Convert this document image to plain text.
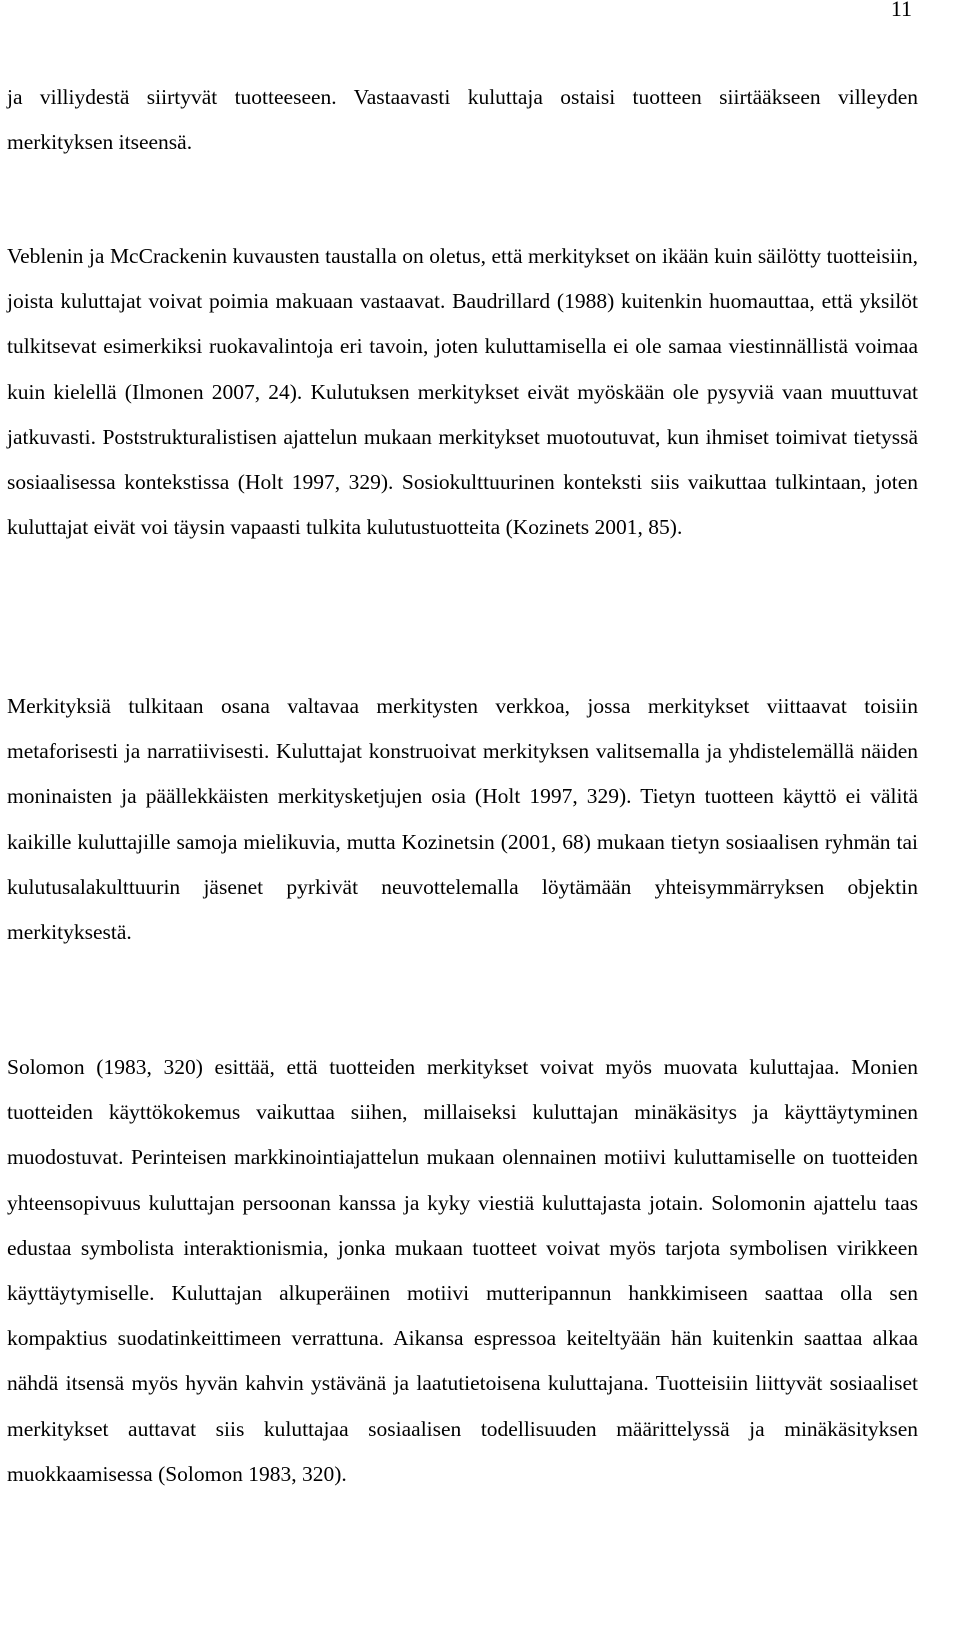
11

ja villiydestä siirtyvät tuotteeseen. Vastaavasti kuluttaja ostaisi tuotteen siirtääkseen villeyden merkityksen itseensä.

Veblenin ja McCrackenin kuvausten taustalla on oletus, että merkitykset on ikään kuin säilötty tuotteisiin, joista kuluttajat voivat poimia makuaan vastaavat. Baudrillard (1988) kuitenkin huomauttaa, että yksilöt tulkitsevat esimerkiksi ruokavalintoja eri tavoin, joten kuluttamisella ei ole samaa viestinnällistä voimaa kuin kielellä (Ilmonen 2007, 24). Kulutuksen merkitykset eivät myöskään ole pysyviä vaan muuttuvat jatkuvasti. Poststrukturalistisen ajattelun mukaan merkitykset muotoutuvat, kun ihmiset toimivat tietyssä sosiaalisessa kontekstissa (Holt 1997, 329). Sosiokulttuurinen konteksti siis vaikuttaa tulkintaan, joten kuluttajat eivät voi täysin vapaasti tulkita kulutustuotteita (Kozinets 2001, 85).

Merkityksiä tulkitaan osana valtavaa merkitysten verkkoa, jossa merkitykset viittaavat toisiin metaforisesti ja narratiivisesti. Kuluttajat konstruoivat merkityksen valitsemalla ja yhdistelemällä näiden moninaisten ja päällekkäisten merkitysketjujen osia (Holt 1997, 329). Tietyn tuotteen käyttö ei välitä kaikille kuluttajille samoja mielikuvia, mutta Kozinetsin (2001, 68) mukaan tietyn sosiaalisen ryhmän tai kulutusalakulttuurin jäsenet pyrkivät neuvottelemalla löytämään yhteisymmärryksen objektin merkityksestä.

Solomon (1983, 320) esittää, että tuotteiden merkitykset voivat myös muovata kuluttajaa. Monien tuotteiden käyttökokemus vaikuttaa siihen, millaiseksi kuluttajan minäkäsitys ja käyttäytyminen muodostuvat. Perinteisen markkinointiajattelun mukaan olennainen motiivi kuluttamiselle on tuotteiden yhteensopivuus kuluttajan persoonan kanssa ja kyky viestiä kuluttajasta jotain. Solomonin ajattelu taas edustaa symbolista interaktionismia, jonka mukaan tuotteet voivat myös tarjota symbolisen virikkeen käyttäytymiselle. Kuluttajan alkuperäinen motiivi mutteripannun hankkimiseen saattaa olla sen kompaktius suodatinkeittimeen verrattuna. Aikansa espressoa keiteltyään hän kuitenkin saattaa alkaa nähdä itsensä myös hyvän kahvin ystävänä ja laatutietoisena kuluttajana. Tuotteisiin liittyvät sosiaaliset merkitykset auttavat siis kuluttajaa sosiaalisen todellisuuden määrittelyssä ja minäkäsityksen muokkaamisessa (Solomon 1983, 320).
